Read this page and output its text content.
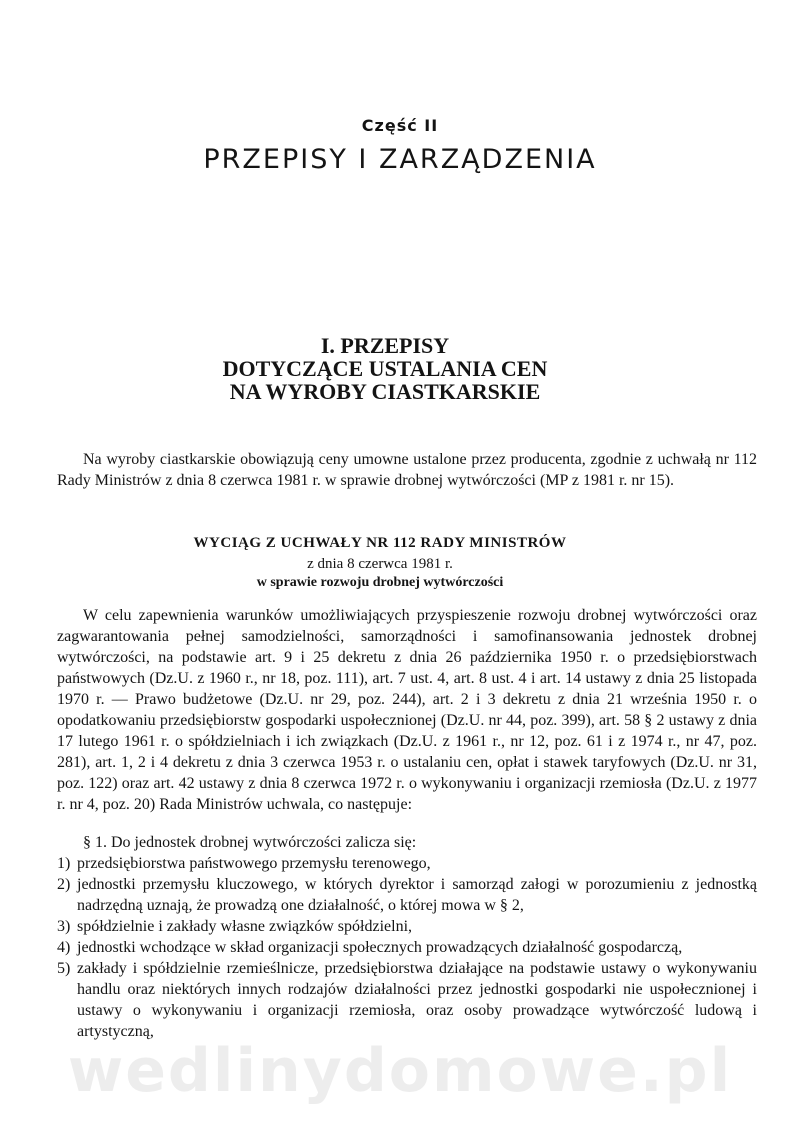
Część II
PRZEPISY I ZARZĄDZENIA
I. PRZEPISY
DOTYCZĄCE USTALANIA CEN
NA WYROBY CIASTKARSKIE

Na wyroby ciastkarskie obowiązują ceny umowne ustalone przez producenta, zgodnie z uchwałą nr 112 Rady Ministrów z dnia 8 czerwca 1981 r. w sprawie drobnej wytwórczości (MP z 1981 r. nr 15).

WYCIĄG Z UCHWAŁY NR 112 RADY MINISTRÓW
z dnia 8 czerwca 1981 r.
w sprawie rozwoju drobnej wytwórczości

W celu zapewnienia warunków umożliwiających przyspieszenie rozwoju drobnej wytwórczości oraz zagwarantowania pełnej samodzielności, samorządności i samofinansowania jednostek drobnej wytwórczości, na podstawie art. 9 i 25 dekretu z dnia 26 października 1950 r. o przedsiębiorstwach państwowych (Dz.U. z 1960 r., nr 18, poz. 111), art. 7 ust. 4, art. 8 ust. 4 i art. 14 ustawy z dnia 25 listopada 1970 r. — Prawo budżetowe (Dz.U. nr 29, poz. 244), art. 2 i 3 dekretu z dnia 21 września 1950 r. o opodatkowaniu przedsiębiorstw gospodarki uspołecznionej (Dz.U. nr 44, poz. 399), art. 58 § 2 ustawy z dnia 17 lutego 1961 r. o spółdzielniach i ich związkach (Dz.U. z 1961 r., nr 12, poz. 61 i z 1974 r., nr 47, poz. 281), art. 1, 2 i 4 dekretu z dnia 3 czerwca 1953 r. o ustalaniu cen, opłat i stawek taryfowych (Dz.U. nr 31, poz. 122) oraz art. 42 ustawy z dnia 8 czerwca 1972 r. o wykonywaniu i organizacji rzemiosła (Dz.U. z 1977 r. nr 4, poz. 20) Rada Ministrów uchwala, co następuje:

§ 1. Do jednostek drobnej wytwórczości zalicza się:

1) przedsiębiorstwa państwowego przemysłu terenowego,
2) jednostki przemysłu kluczowego, w których dyrektor i samorząd załogi w porozumieniu z jednostką nadrzędną uznają, że prowadzą one działalność, o której mowa w § 2,
3) spółdzielnie i zakłady własne związków spółdzielni,
4) jednostki wchodzące w skład organizacji społecznych prowadzących działalność gospodarczą,
5) zakłady i spółdzielnie rzemieślnicze, przedsiębiorstwa działające na podstawie ustawy o wykonywaniu handlu oraz niektórych innych rodzajów działalności przez jednostki gospodarki nie uspołecznionej i ustawy o wykonywaniu i organizacji rzemiosła, oraz osoby prowadzące wytwórczość ludową i artystyczną,
wedlinydomowe.pl
